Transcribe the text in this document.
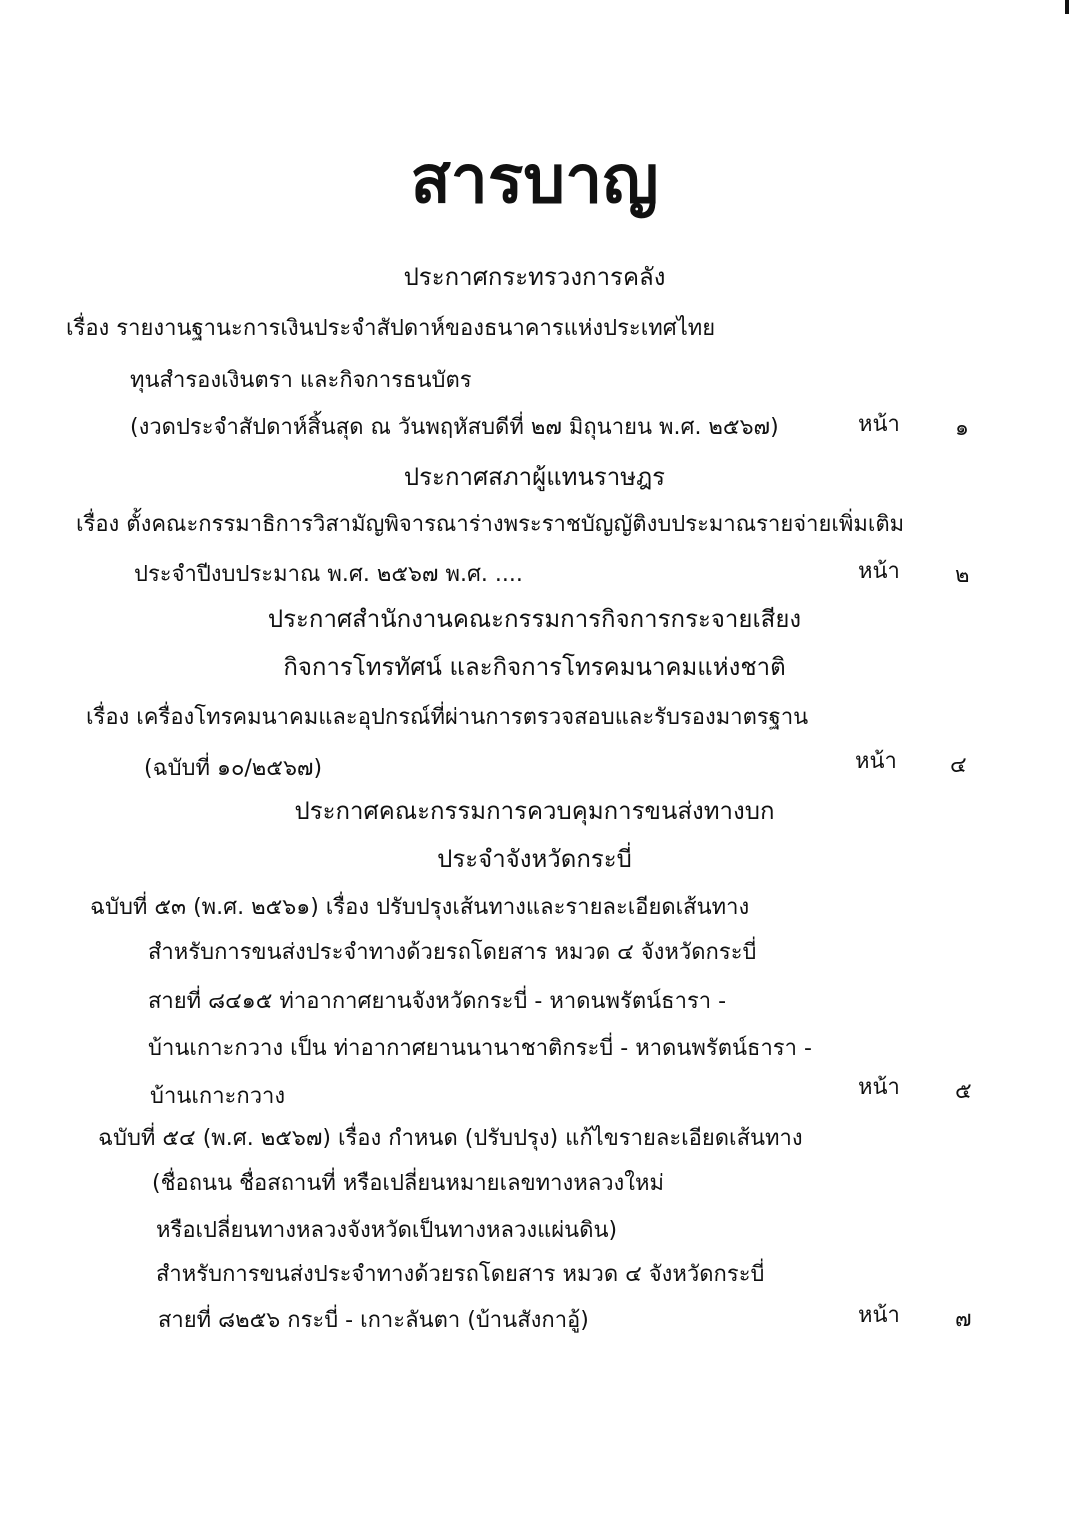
สารบาญ
ประกาศกระทรวงการคลัง
เรื่อง รายงานฐานะการเงินประจำสัปดาห์ของธนาคารแห่งประเทศไทย
ทุนสำรองเงินตรา และกิจการธนบัตร
(งวดประจำสัปดาห์สิ้นสุด ณ วันพฤหัสบดีที่ ๒๗ มิถุนายน พ.ศ. ๒๕๖๗)	หน้า	๑
ประกาศสภาผู้แทนราษฎร
เรื่อง ตั้งคณะกรรมาธิการวิสามัญพิจารณาร่างพระราชบัญญัติงบประมาณรายจ่ายเพิ่มเติม
ประจำปีงบประมาณ พ.ศ. ๒๕๖๗ พ.ศ. ....	หน้า	๒
ประกาศสำนักงานคณะกรรมการกิจการกระจายเสียง
กิจการโทรทัศน์ และกิจการโทรคมนาคมแห่งชาติ
เรื่อง เครื่องโทรคมนาคมและอุปกรณ์ที่ผ่านการตรวจสอบและรับรองมาตรฐาน
(ฉบับที่ ๑๐/๒๕๖๗)	หน้า ๔
ประกาศคณะกรรมการควบคุมการขนส่งทางบก
ประจำจังหวัดกระบี่
ฉบับที่ ๕๓ (พ.ศ. ๒๕๖๑) เรื่อง ปรับปรุงเส้นทางและรายละเอียดเส้นทาง
สำหรับการขนส่งประจำทางด้วยรถโดยสาร หมวด ๔ จังหวัดกระบี่
สายที่ ๘๔๑๕ ท่าอากาศยานจังหวัดกระบี่ - หาดนพรัตน์ธารา -
บ้านเกาะกวาง เป็น ท่าอากาศยานนานาชาติกระบี่ - หาดนพรัตน์ธารา -
บ้านเกาะกวาง	หน้า	๕
ฉบับที่ ๕๔ (พ.ศ. ๒๕๖๗) เรื่อง กำหนด (ปรับปรุง) แก้ไขรายละเอียดเส้นทาง
(ชื่อถนน ชื่อสถานที่ หรือเปลี่ยนหมายเลขทางหลวงใหม่
หรือเปลี่ยนทางหลวงจังหวัดเป็นทางหลวงแผ่นดิน)
สำหรับการขนส่งประจำทางด้วยรถโดยสาร หมวด ๔ จังหวัดกระบี่
สายที่ ๘๒๕๖ กระบี่ - เกาะลันตา (บ้านสังกาอู้)	หน้า	๗
